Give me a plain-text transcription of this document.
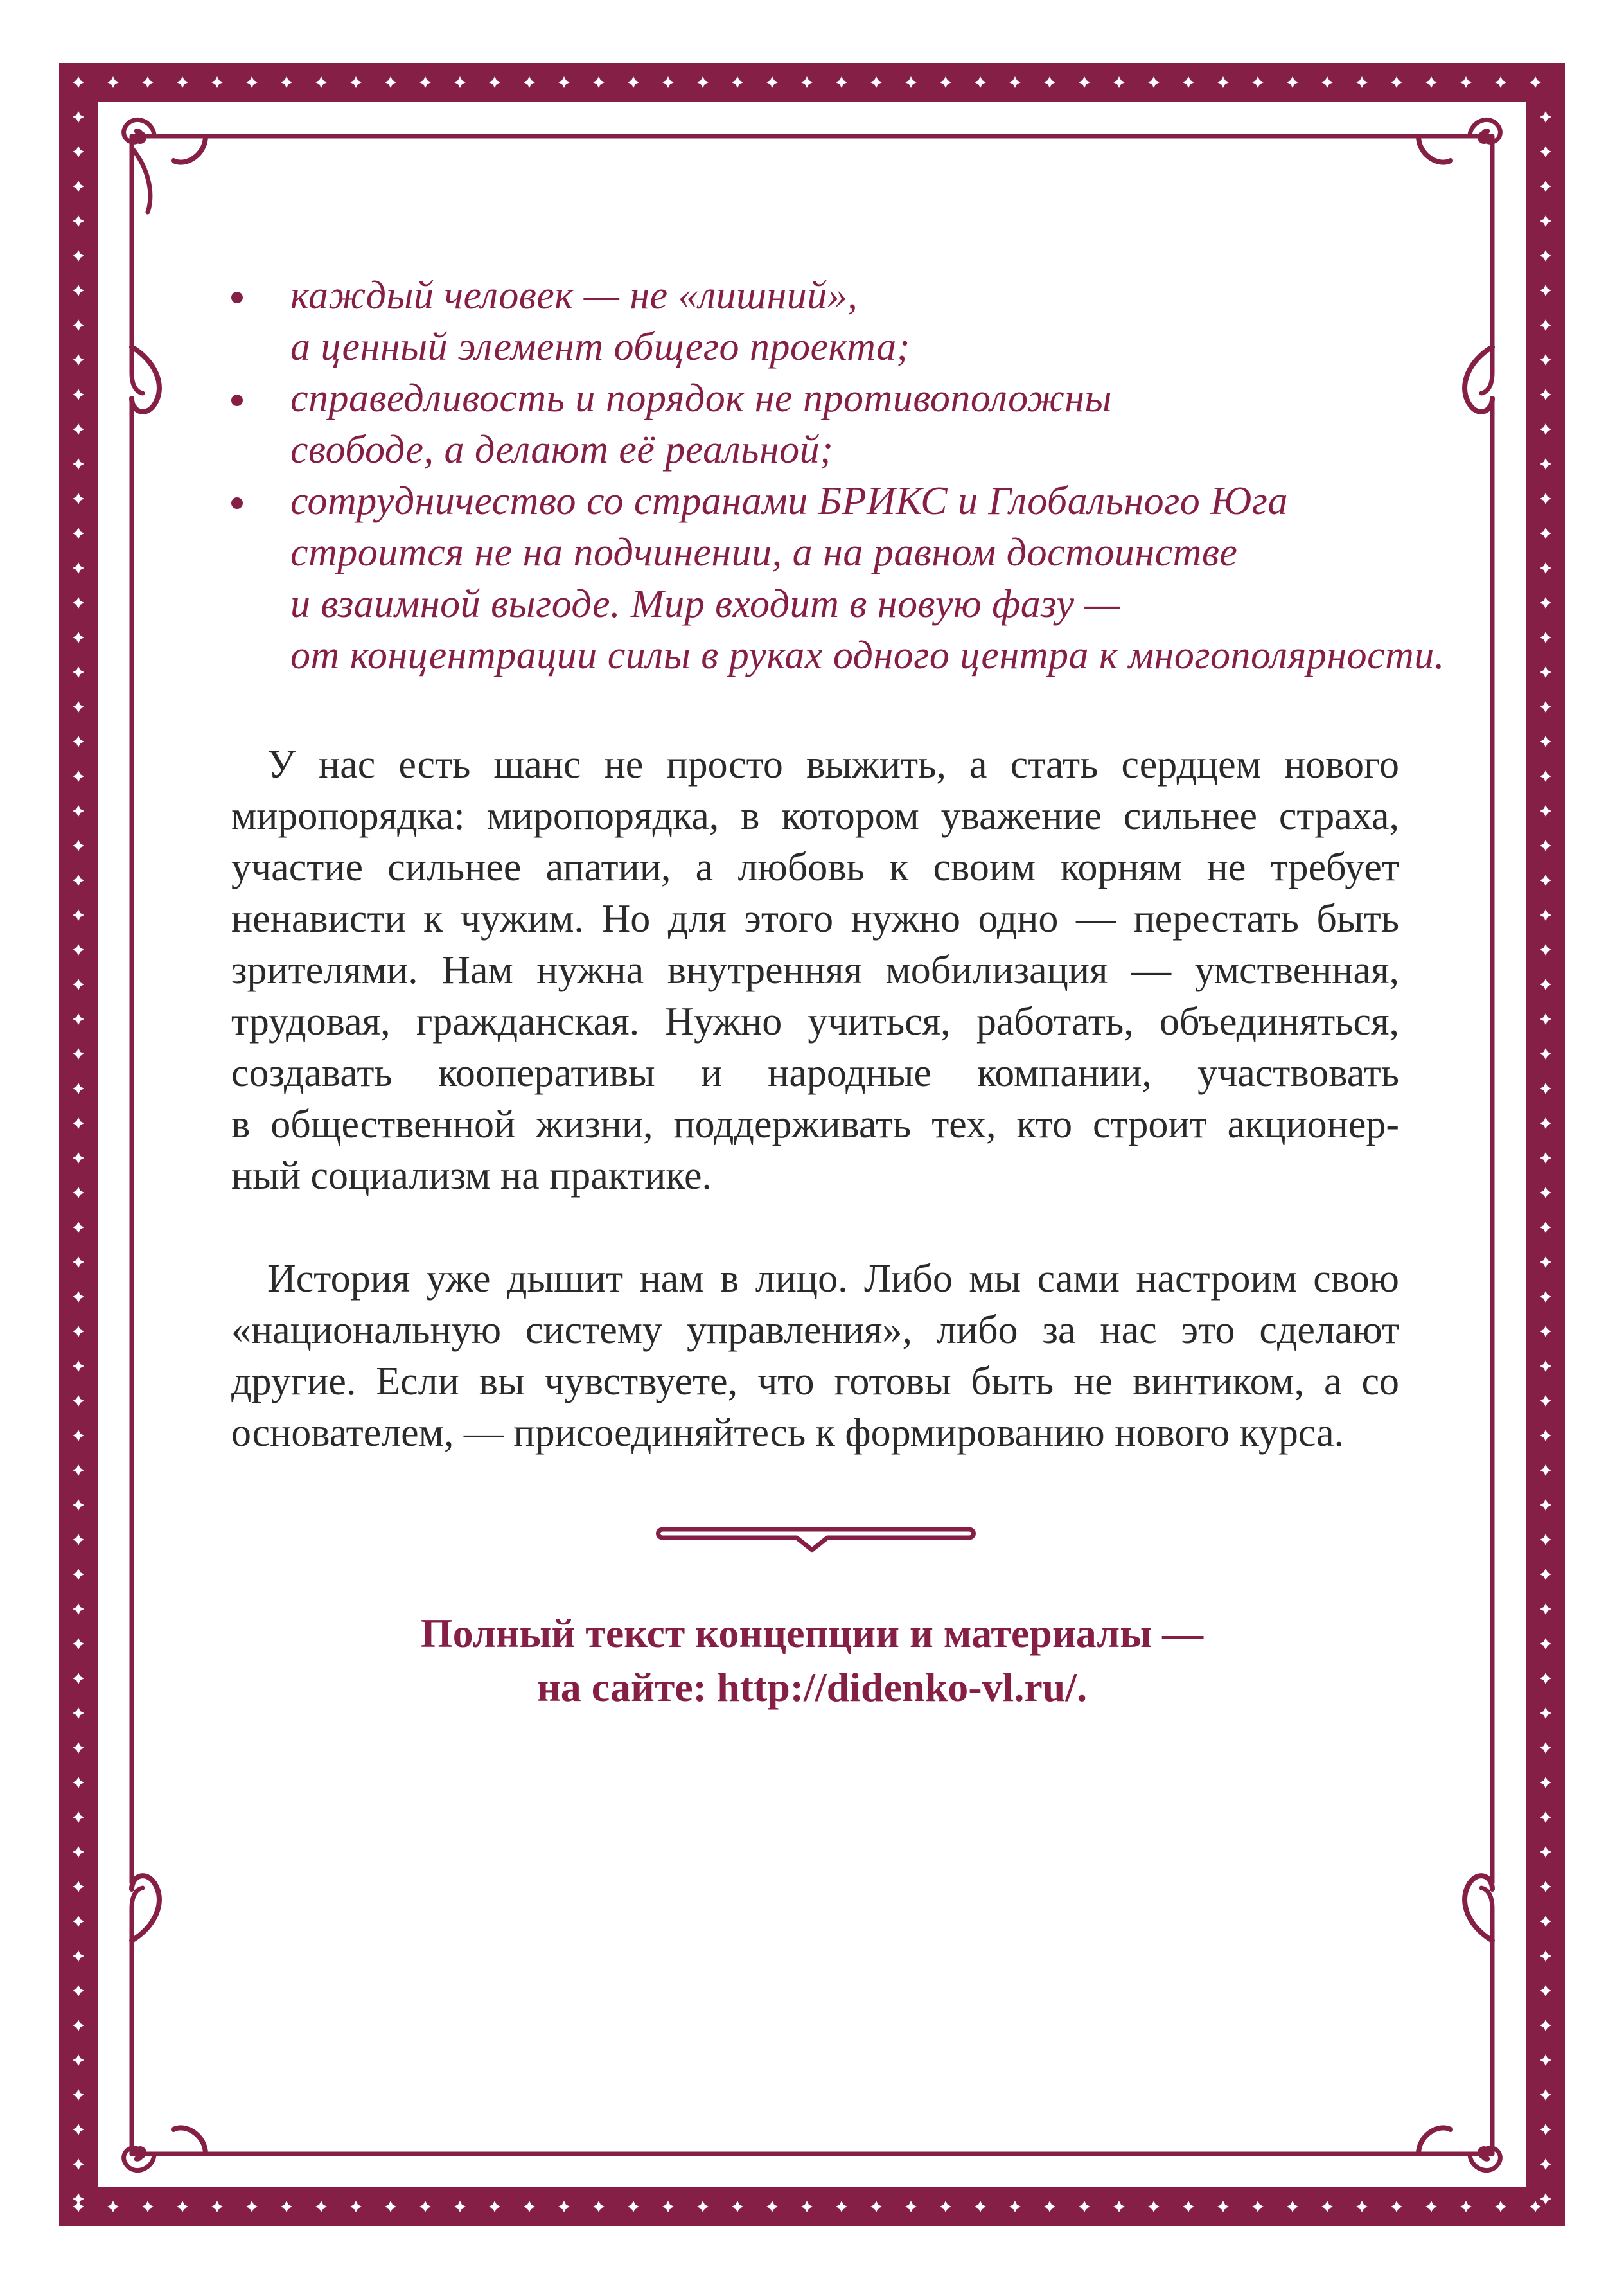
каждый человек — не «лишний»,
а ценный элемент общего проекта;
справедливость и порядок не противоположны
свободе, а делают её реальной;
сотрудничество со странами БРИКС и Глобального Юга
строится не на подчинении, а на равном достоинстве
и взаимной выгоде. Мир входит в новую фазу —
от концентрации силы в руках одного центра к многополярности.

У нас есть шанс не просто выжить, а стать сердцем нового
миропорядка: миропорядка, в котором уважение сильнее страха,
участие сильнее апатии, а любовь к своим корням не требует
ненависти к чужим. Но для этого нужно одно — перестать быть
зрителями. Нам нужна внутренняя мобилизация — умственная,
трудовая, гражданская. Нужно учиться, работать, объединяться,
создавать кооперативы и народные компании, участвовать
в общественной жизни, поддерживать тех, кто строит акционер-
ный социализм на практике.

История уже дышит нам в лицо. Либо мы сами настроим свою
«национальную систему управления», либо за нас это сделают
другие. Если вы чувствуете, что готовы быть не винтиком, а со
основателем, — присоединяйтесь к формированию нового курса.

Полный текст концепции и материалы —
на сайте: http://didenko-vl.ru/.
